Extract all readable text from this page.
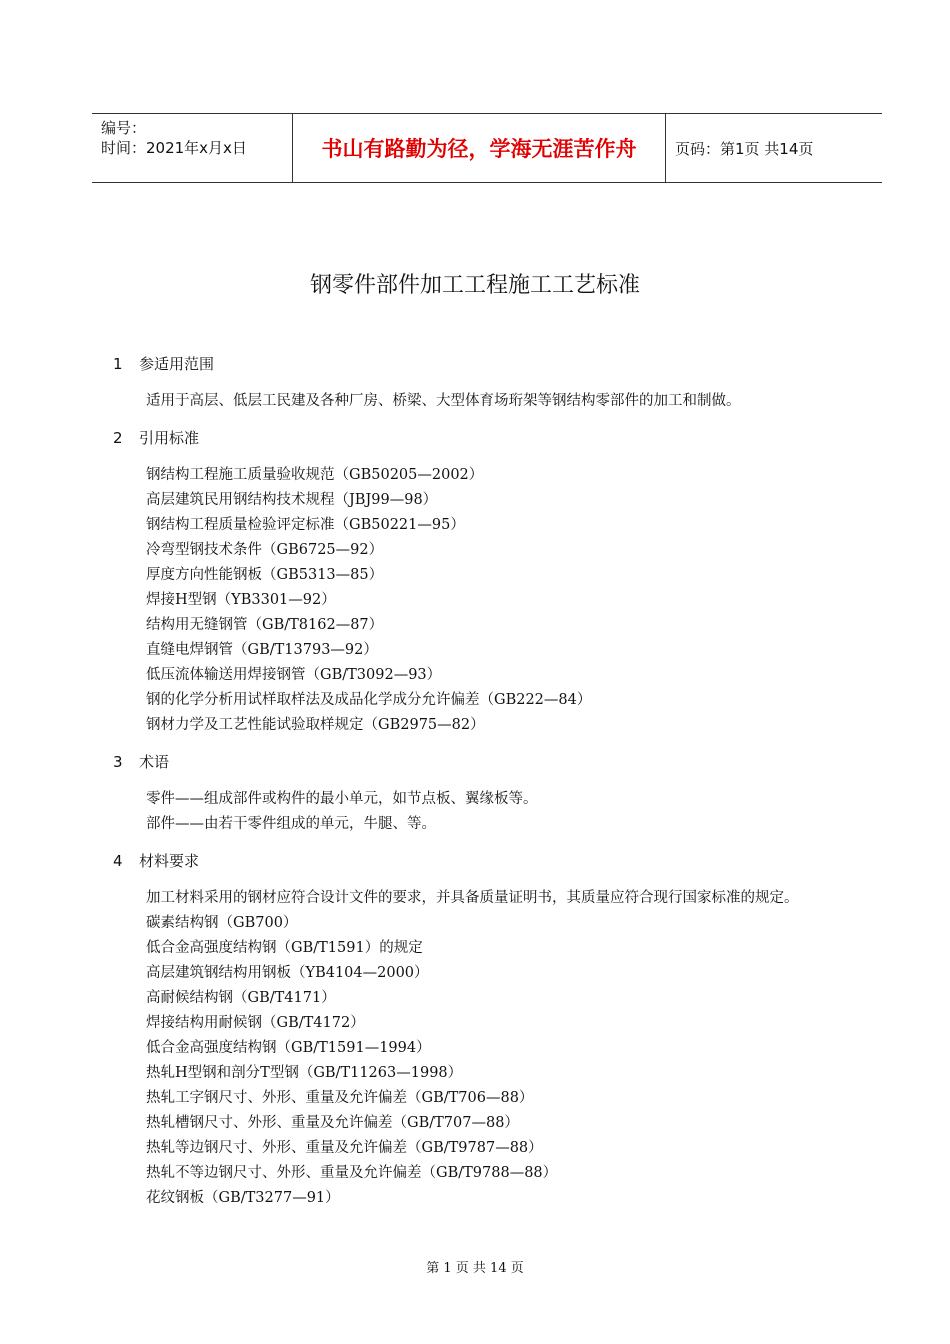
编号：
时间：2021年x月x日	书山有路勤为径，学海无涯苦作舟	页码：第1页 共14页
钢零件部件加工工程施工工艺标准
1 参适用范围
适用于高层、低层工民建及各种厂房、桥梁、大型体育场珩架等钢结构零部件的加工和制做。
2 引用标准
钢结构工程施工质量验收规范（GB50205—2002）
高层建筑民用钢结构技术规程（JBJ99—98）
钢结构工程质量检验评定标准（GB50221—95）
冷弯型钢技术条件（GB6725—92）
厚度方向性能钢板（GB5313—85）
焊接H型钢（YB3301—92）
结构用无缝钢管（GB/T8162—87）
直缝电焊钢管（GB/T13793—92）
低压流体输送用焊接钢管（GB/T3092—93）
钢的化学分析用试样取样法及成品化学成分允许偏差（GB222—84）
钢材力学及工艺性能试验取样规定（GB2975—82）
3 术语
零件——组成部件或构件的最小单元，如节点板、翼缘板等。
部件——由若干零件组成的单元，牛腿、等。
4 材料要求
加工材料采用的钢材应符合设计文件的要求，并具备质量证明书，其质量应符合现行国家标准的规定。
碳素结构钢（GB700）
低合金高强度结构钢（GB/T1591）的规定
高层建筑钢结构用钢板（YB4104—2000）
高耐候结构钢（GB/T4171）
焊接结构用耐候钢（GB/T4172）
低合金高强度结构钢（GB/T1591—1994）
热轧H型钢和剖分T型钢（GB/T11263—1998）
热轧工字钢尺寸、外形、重量及允许偏差（GB/T706—88）
热轧槽钢尺寸、外形、重量及允许偏差（GB/T707—88）
热轧等边钢尺寸、外形、重量及允许偏差（GB/T9787—88）
热轧不等边钢尺寸、外形、重量及允许偏差（GB/T9788—88）
花纹钢板（GB/T3277—91）
第 1 页 共 14 页
